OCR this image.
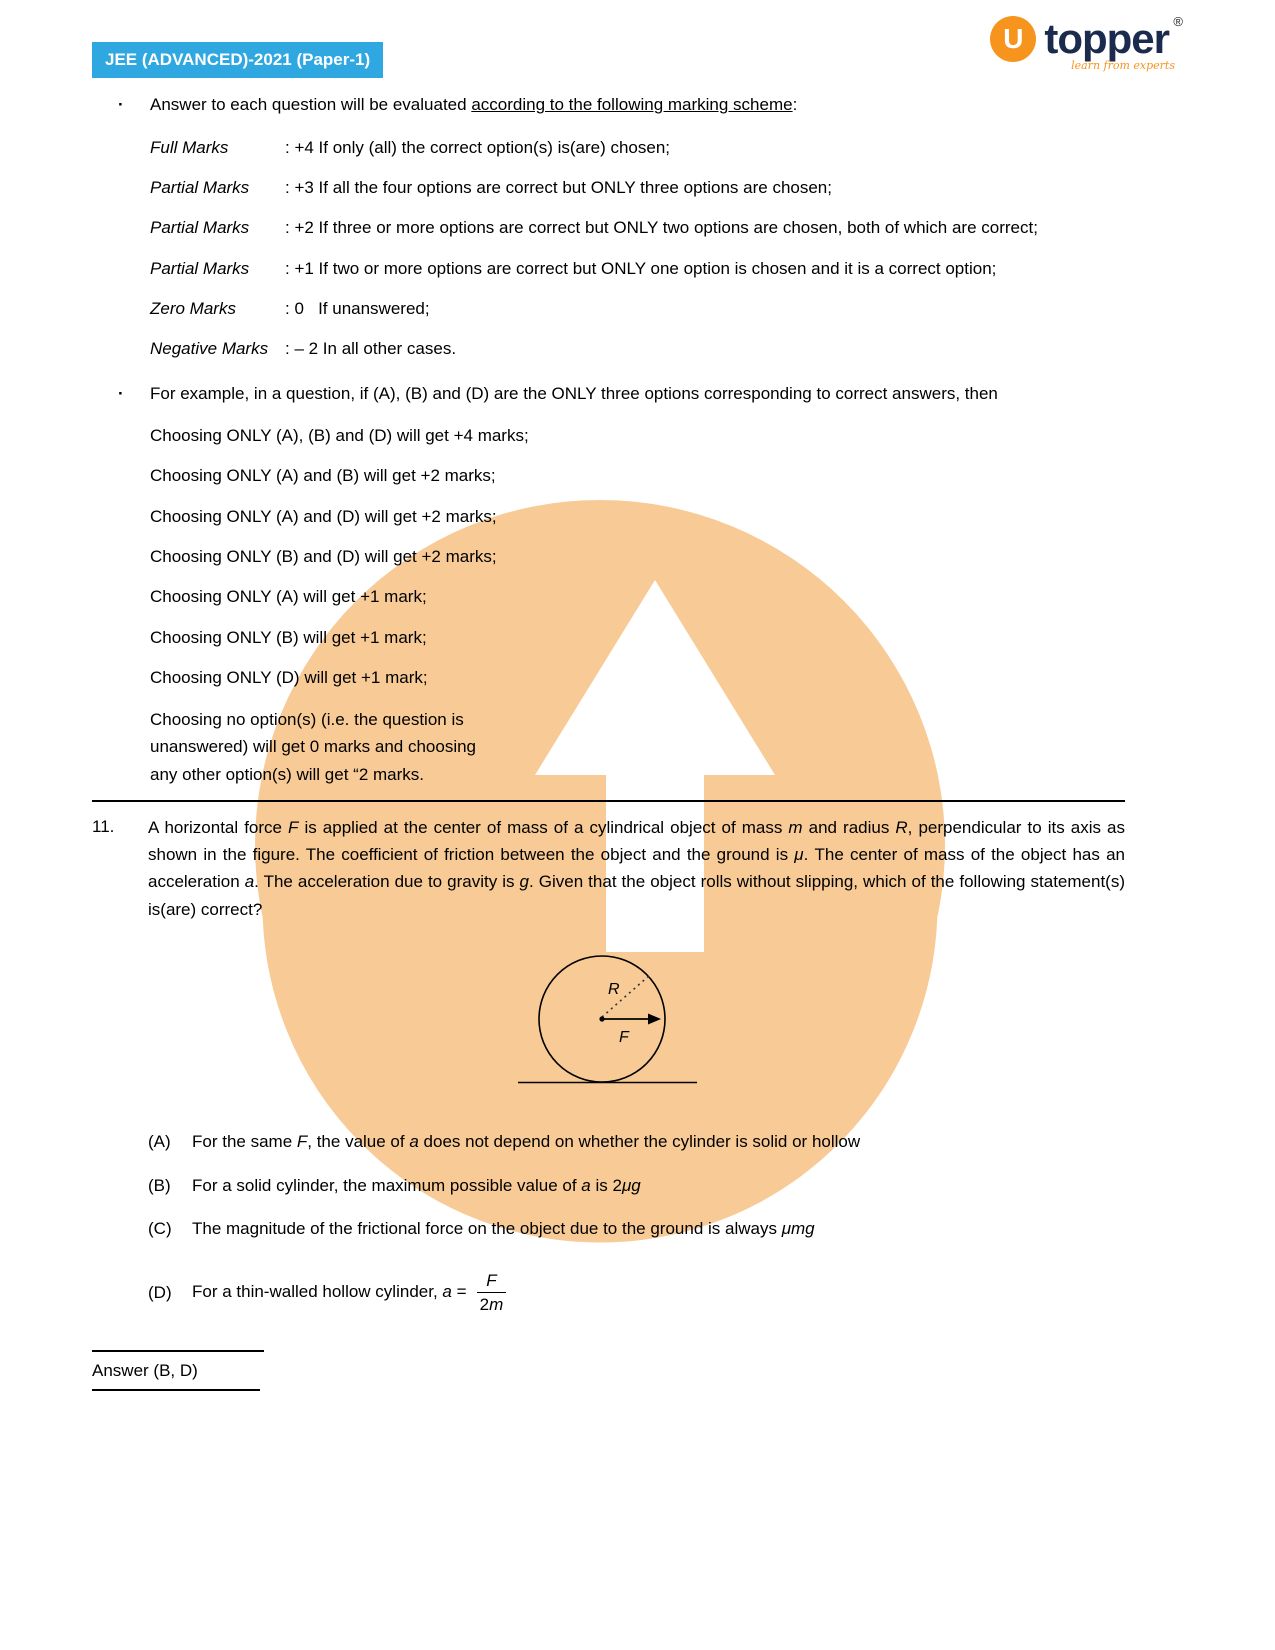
JEE (ADVANCED)-2021 (Paper-1)
U topper ®
learn from experts
·	Answer to each question will be evaluated according to the following marking scheme:
Full Marks	: +4 If only (all) the correct option(s) is(are) chosen;
Partial Marks	: +3 If all the four options are correct but ONLY three options are chosen;
Partial Marks	: +2 If three or more options are correct but ONLY two options are chosen, both of which are correct;
Partial Marks	: +1 If two or more options are correct but ONLY one option is chosen and it is a correct option;
Zero Marks	: 0   If unanswered;
Negative Marks : – 2 In all other cases.
·	For example, in a question, if (A), (B) and (D) are the ONLY three options corresponding to correct answers, then
Choosing ONLY (A), (B) and (D) will get +4 marks;
Choosing ONLY (A) and (B) will get +2 marks;
Choosing ONLY (A) and (D) will get +2 marks;
Choosing ONLY (B) and (D) will get +2 marks;
Choosing ONLY (A) will get +1 mark;
Choosing ONLY (B) will get +1 mark;
Choosing ONLY (D) will get +1 mark;
Choosing no option(s) (i.e. the question is unanswered) will get 0 marks and choosing any other option(s) will get “2 marks.
11.	A horizontal force F is applied at the center of mass of a cylindrical object of mass m and radius R, perpendicular to its axis as shown in the figure. The coefficient of friction between the object and the ground is μ. The center of mass of the object has an acceleration a. The acceleration due to gravity is g. Given that the object rolls without slipping, which of the following statement(s) is(are) correct?
R
F
(A)	For the same F, the value of a does not depend on whether the cylinder is solid or hollow
(B)	For a solid cylinder, the maximum possible value of a is 2μg
(C)	The magnitude of the frictional force on the object due to the ground is always μmg
(D)	For a thin-walled hollow cylinder, $a = \frac{F}{2m}$
Answer (B, D)
